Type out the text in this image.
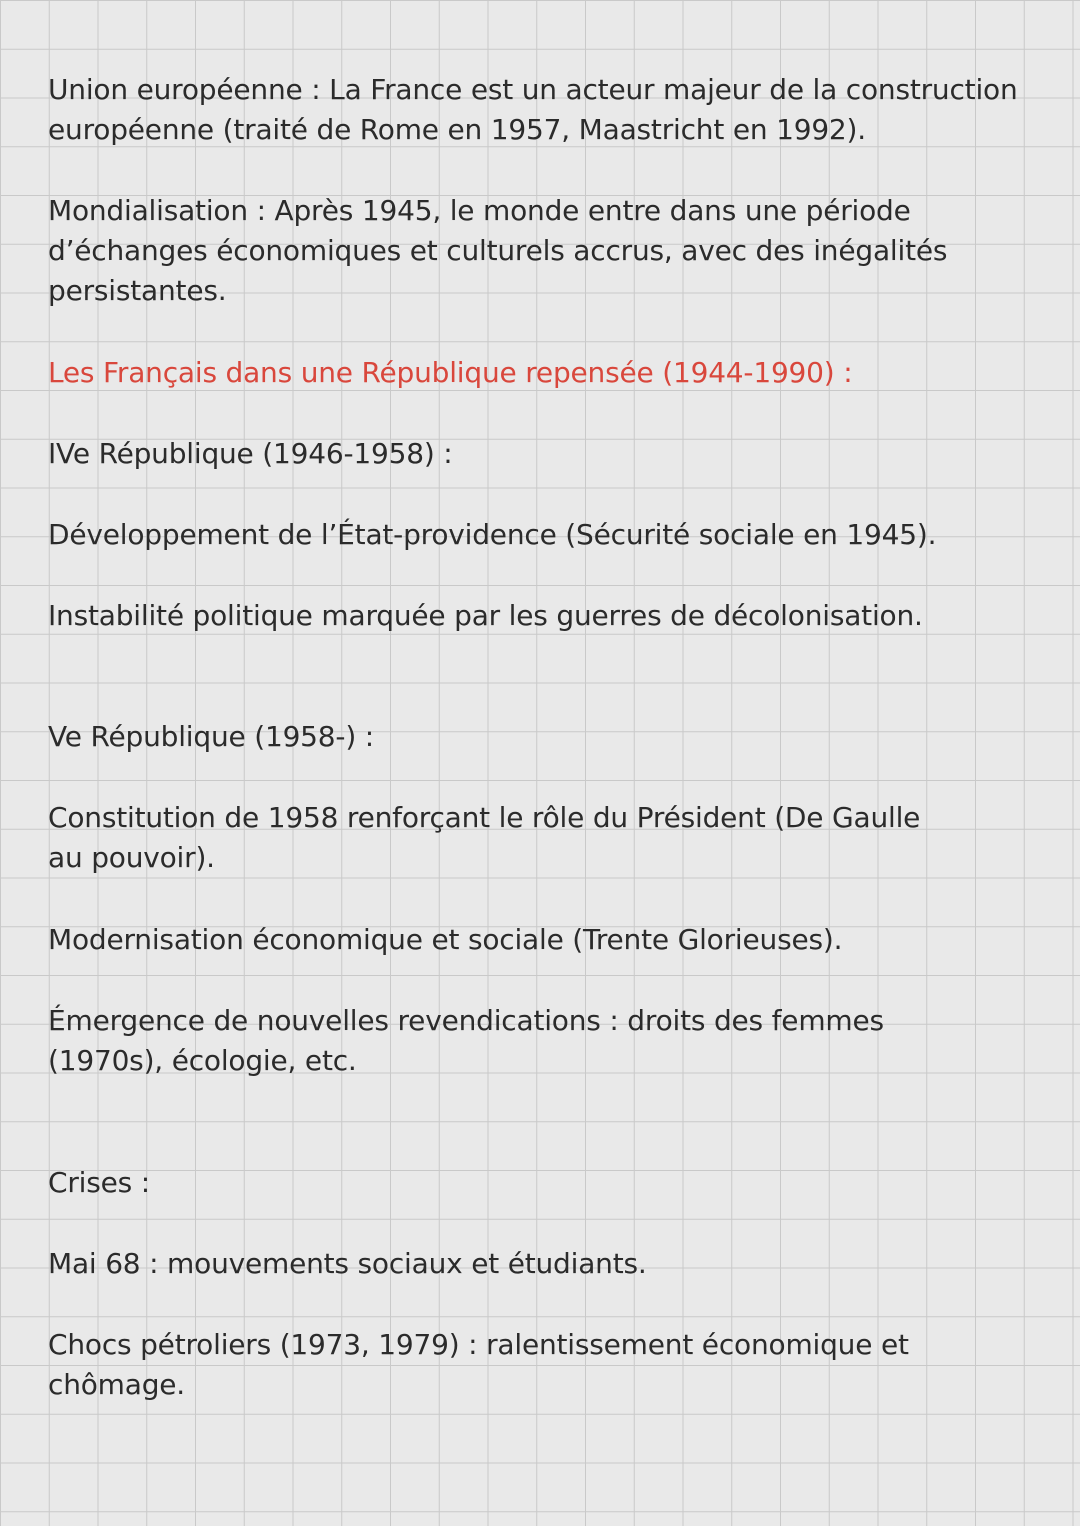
Union européenne : La France est un acteur majeur de la construction européenne (traité de Rome en 1957, Maastricht en 1992).
Mondialisation : Après 1945, le monde entre dans une période d’échanges économiques et culturels accrus, avec des inégalités persistantes.
Les Français dans une République repensée (1944-1990) :
IVe République (1946-1958) :
Développement de l’État-providence (Sécurité sociale en 1945).
Instabilité politique marquée par les guerres de décolonisation.
Ve République (1958-) :
Constitution de 1958 renforçant le rôle du Président (De Gaulle au pouvoir).
Modernisation économique et sociale (Trente Glorieuses).
Émergence de nouvelles revendications : droits des femmes (1970s), écologie, etc.
Crises :
Mai 68 : mouvements sociaux et étudiants.
Chocs pétroliers (1973, 1979) : ralentissement économique et chômage.
